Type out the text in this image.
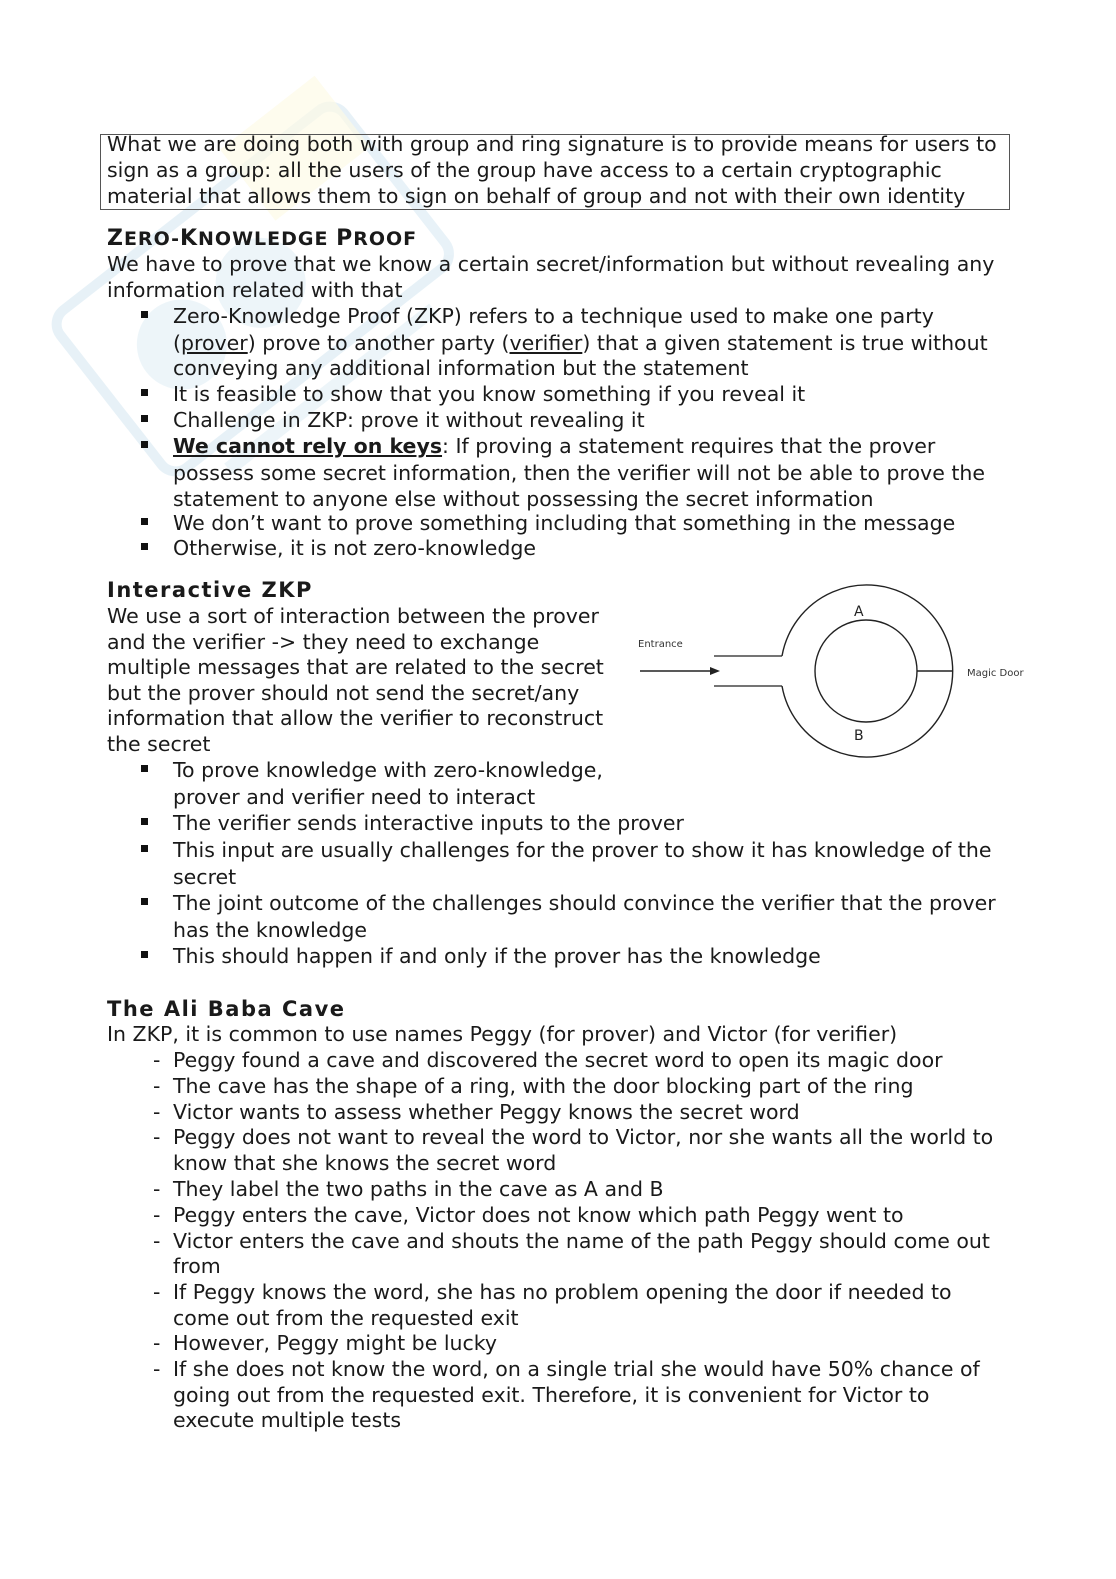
What we are doing both with group and ring signature is to provide means for users to
sign as a group: all the users of the group have access to a certain cryptographic
material that allows them to sign on behalf of group and not with their own identity
ZERO-KNOWLEDGE PROOF
We have to prove that we know a certain secret/information but without revealing any
information related with that
Zero-Knowledge Proof (ZKP) refers to a technique used to make one party
(prover) prove to another party (verifier) that a given statement is true without
conveying any additional information but the statement
It is feasible to show that you know something if you reveal it
Challenge in ZKP: prove it without revealing it
We cannot rely on keys: If proving a statement requires that the prover
possess some secret information, then the verifier will not be able to prove the
statement to anyone else without possessing the secret information
We don’t want to prove something including that something in the message
Otherwise, it is not zero-knowledge
Interactive ZKP
We use a sort of interaction between the prover
and the verifier -> they need to exchange
multiple messages that are related to the secret
but the prover should not send the secret/any
information that allow the verifier to reconstruct
the secret
To prove knowledge with zero-knowledge,
prover and verifier need to interact
The verifier sends interactive inputs to the prover
This input are usually challenges for the prover to show it has knowledge of the
secret
The joint outcome of the challenges should convince the verifier that the prover
has the knowledge
This should happen if and only if the prover has the knowledge
A
B
Entrance
Magic Door
The Ali Baba Cave
In ZKP, it is common to use names Peggy (for prover) and Victor (for verifier)
- Peggy found a cave and discovered the secret word to open its magic door
- The cave has the shape of a ring, with the door blocking part of the ring
- Victor wants to assess whether Peggy knows the secret word
- Peggy does not want to reveal the word to Victor, nor she wants all the world to
know that she knows the secret word
- They label the two paths in the cave as A and B
- Peggy enters the cave, Victor does not know which path Peggy went to
- Victor enters the cave and shouts the name of the path Peggy should come out
from
- If Peggy knows the word, she has no problem opening the door if needed to
come out from the requested exit
- However, Peggy might be lucky
- If she does not know the word, on a single trial she would have 50% chance of
going out from the requested exit. Therefore, it is convenient for Victor to
execute multiple tests
